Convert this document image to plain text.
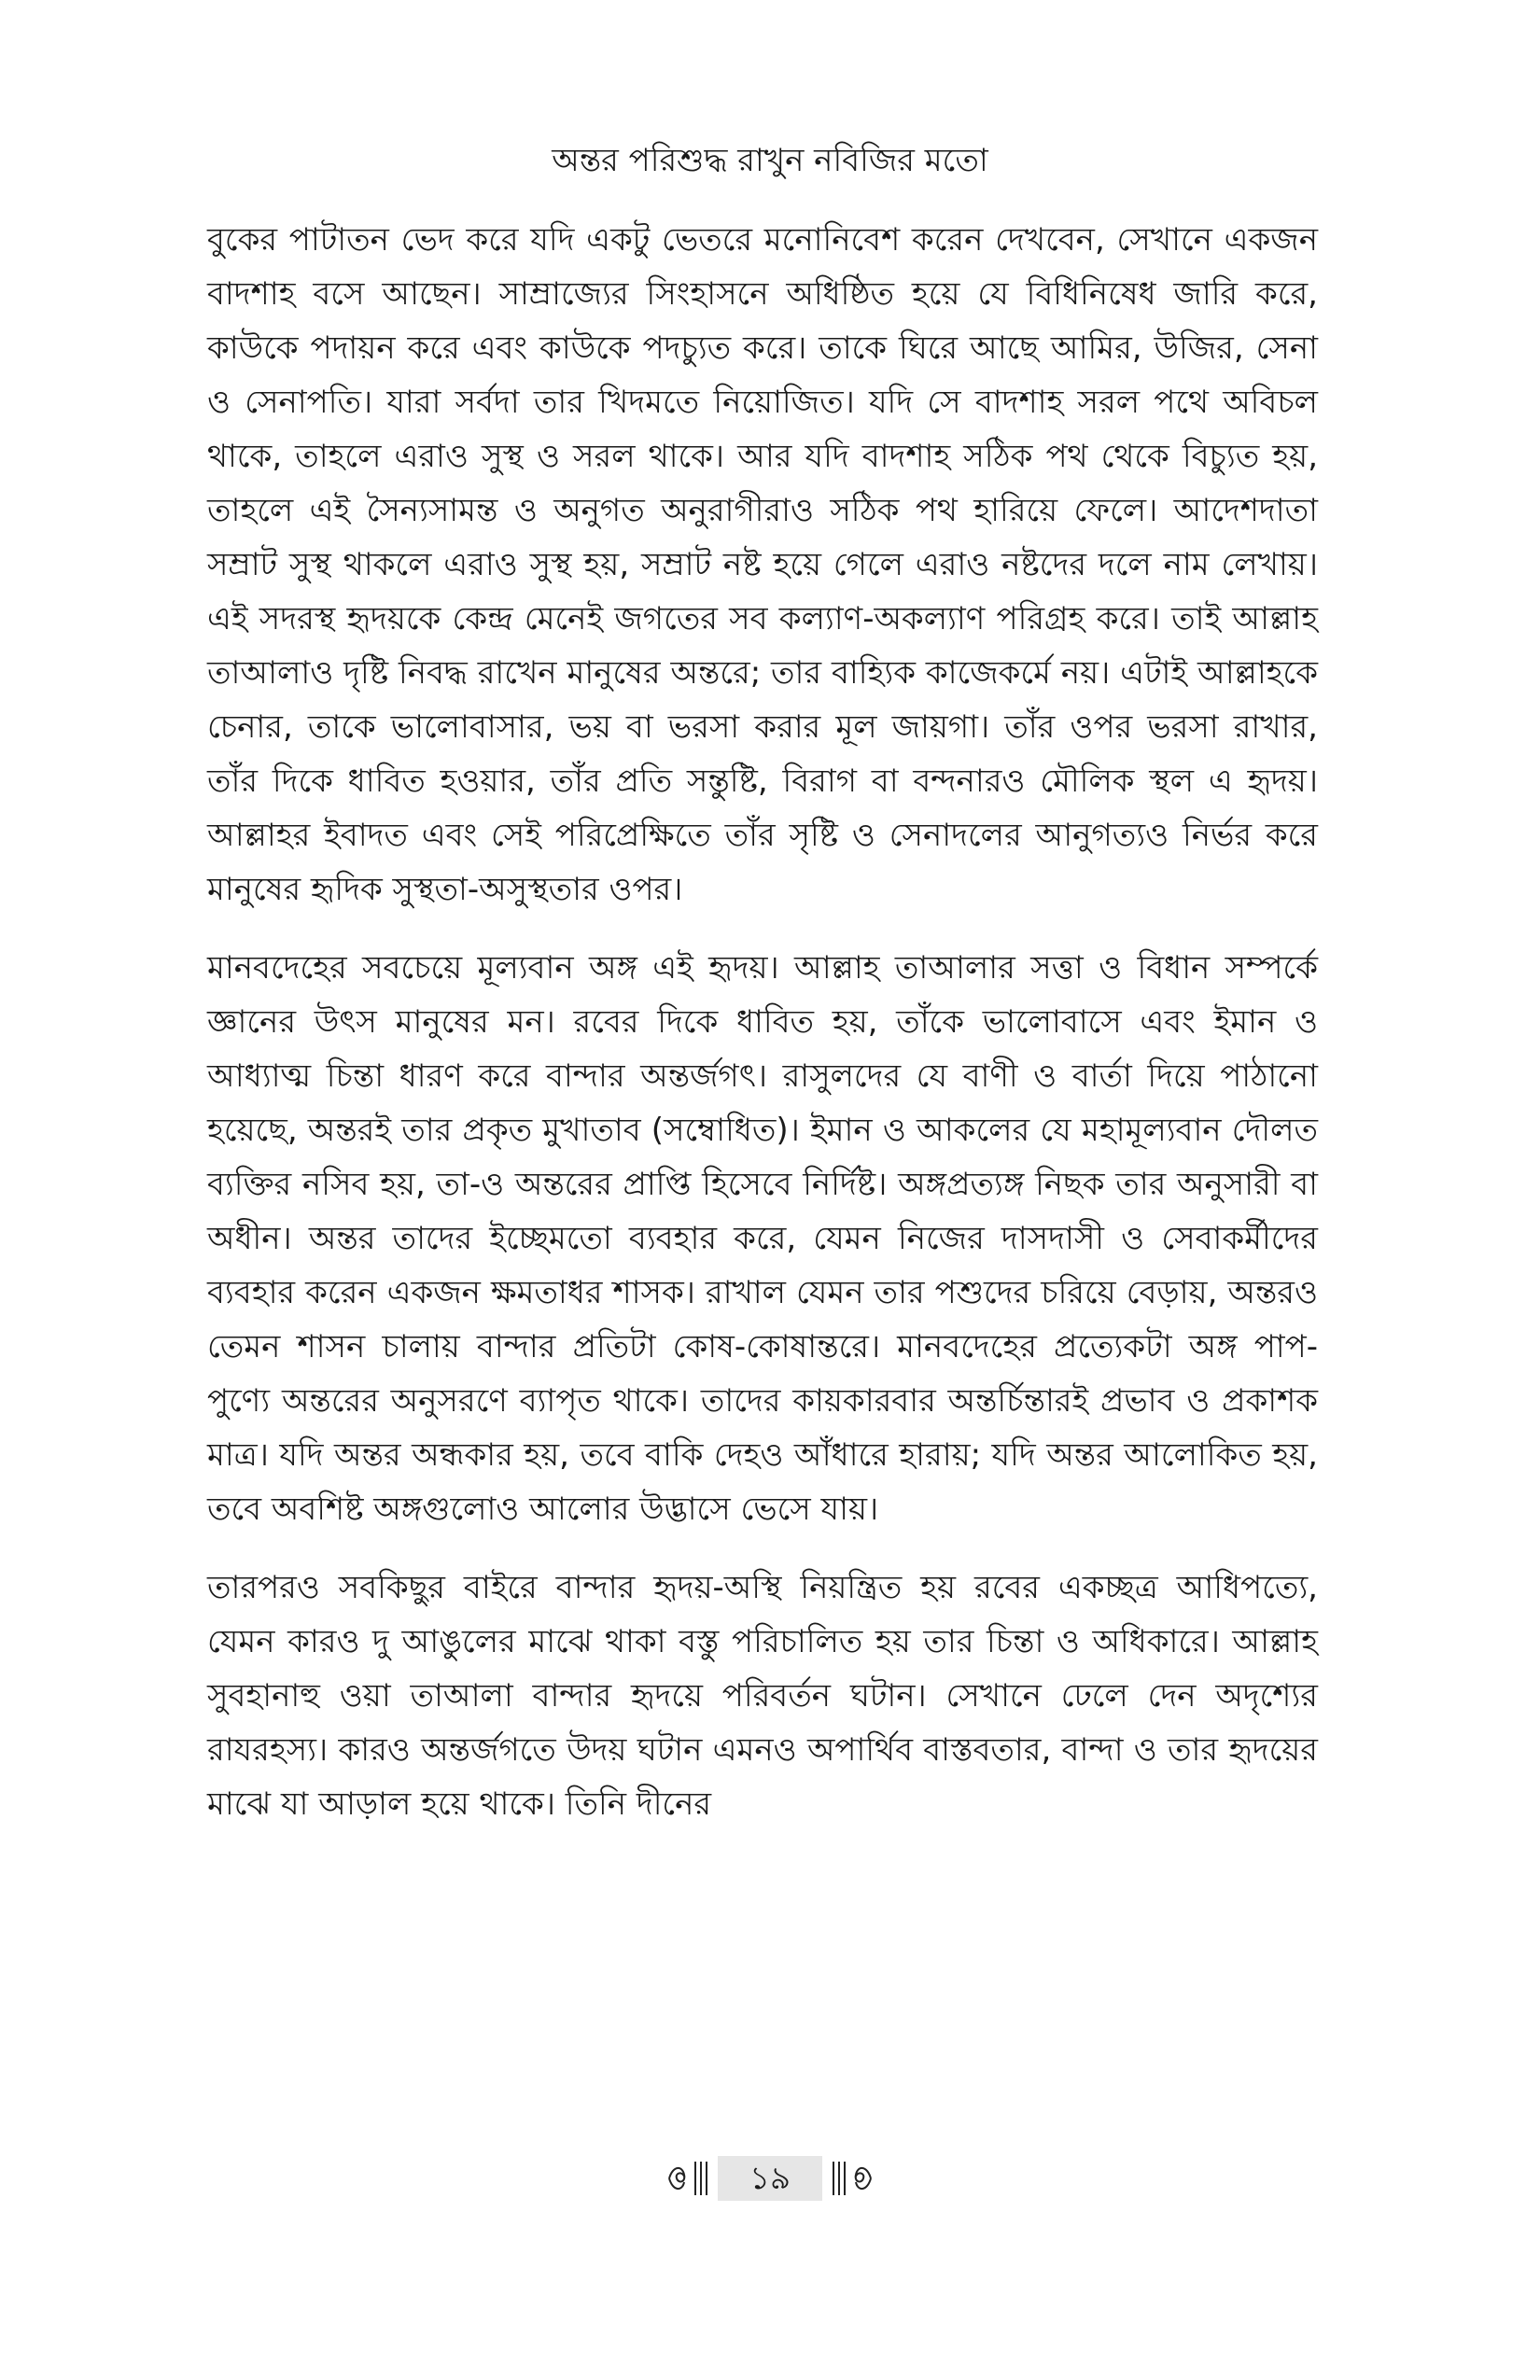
অন্তর পরিশুদ্ধ রাখুন নবিজির মতো

বুকের পাটাতন ভেদ করে যদি একটু ভেতরে মনোনিবেশ করেন দেখবেন, সেখানে একজন বাদশাহ বসে আছেন। সাম্রাজ্যের সিংহাসনে অধিষ্ঠিত হয়ে যে বিধিনিষেধ জারি করে, কাউকে পদায়ন করে এবং কাউকে পদচ্যুত করে। তাকে ঘিরে আছে আমির, উজির, সেনা ও সেনাপতি। যারা সর্বদা তার খিদমতে নিয়োজিত। যদি সে বাদশাহ সরল পথে অবিচল থাকে, তাহলে এরাও সুস্থ ও সরল থাকে। আর যদি বাদশাহ সঠিক পথ থেকে বিচ্যুত হয়, তাহলে এই সৈন্যসামন্ত ও অনুগত অনুরাগীরাও সঠিক পথ হারিয়ে ফেলে। আদেশদাতা সম্রাট সুস্থ থাকলে এরাও সুস্থ হয়, সম্রাট নষ্ট হয়ে গেলে এরাও নষ্টদের দলে নাম লেখায়। এই সদরস্থ হৃদয়কে কেন্দ্র মেনেই জগতের সব কল্যাণ-অকল্যাণ পরিগ্রহ করে। তাই আল্লাহ তাআলাও দৃষ্টি নিবদ্ধ রাখেন মানুষের অন্তরে; তার বাহ্যিক কাজেকর্মে নয়। এটাই আল্লাহকে চেনার, তাকে ভালোবাসার, ভয় বা ভরসা করার মূল জায়গা। তাঁর ওপর ভরসা রাখার, তাঁর দিকে ধাবিত হওয়ার, তাঁর প্রতি সন্তুষ্টি, বিরাগ বা বন্দনারও মৌলিক স্থল এ হৃদয়। আল্লাহর ইবাদত এবং সেই পরিপ্রেক্ষিতে তাঁর সৃষ্টি ও সেনাদলের আনুগত্যও নির্ভর করে মানুষের হৃদিক সুস্থতা-অসুস্থতার ওপর।

মানবদেহের সবচেয়ে মূল্যবান অঙ্গ এই হৃদয়। আল্লাহ তাআলার সত্তা ও বিধান সম্পর্কে জ্ঞানের উৎস মানুষের মন। রবের দিকে ধাবিত হয়, তাঁকে ভালোবাসে এবং ইমান ও আধ্যাত্ম চিন্তা ধারণ করে বান্দার অন্তর্জগৎ। রাসুলদের যে বাণী ও বার্তা দিয়ে পাঠানো হয়েছে, অন্তরই তার প্রকৃত মুখাতাব (সম্বোধিত)। ইমান ও আকলের যে মহামূল্যবান দৌলত ব্যক্তির নসিব হয়, তা-ও অন্তরের প্রাপ্তি হিসেবে নির্দিষ্ট। অঙ্গপ্রত্যঙ্গ নিছক তার অনুসারী বা অধীন। অন্তর তাদের ইচ্ছেমতো ব্যবহার করে, যেমন নিজের দাসদাসী ও সেবাকর্মীদের ব্যবহার করেন একজন ক্ষমতাধর শাসক। রাখাল যেমন তার পশুদের চরিয়ে বেড়ায়, অন্তরও তেমন শাসন চালায় বান্দার প্রতিটা কোষ-কোষান্তরে। মানবদেহের প্রত্যেকটা অঙ্গ পাপ-পুণ্যে অন্তরের অনুসরণে ব্যাপৃত থাকে। তাদের কায়কারবার অন্তর্চিন্তারই প্রভাব ও প্রকাশক মাত্র। যদি অন্তর অন্ধকার হয়, তবে বাকি দেহও আঁধারে হারায়; যদি অন্তর আলোকিত হয়, তবে অবশিষ্ট অঙ্গগুলোও আলোর উদ্ভাসে ভেসে যায়।

তারপরও সবকিছুর বাইরে বান্দার হৃদয়-অস্থি নিয়ন্ত্রিত হয় রবের একচ্ছত্র আধিপত্যে, যেমন কারও দু আঙুলের মাঝে থাকা বস্তু পরিচালিত হয় তার চিন্তা ও অধিকারে। আল্লাহ সুবহানাহু ওয়া তাআলা বান্দার হৃদয়ে পরিবর্তন ঘটান। সেখানে ঢেলে দেন অদৃশ্যের রাযরহস্য। কারও অন্তর্জগতে উদয় ঘটান এমনও অপার্থিব বাস্তবতার, বান্দা ও তার হৃদয়ের মাঝে যা আড়াল হয়ে থাকে। তিনি দীনের

১৯
